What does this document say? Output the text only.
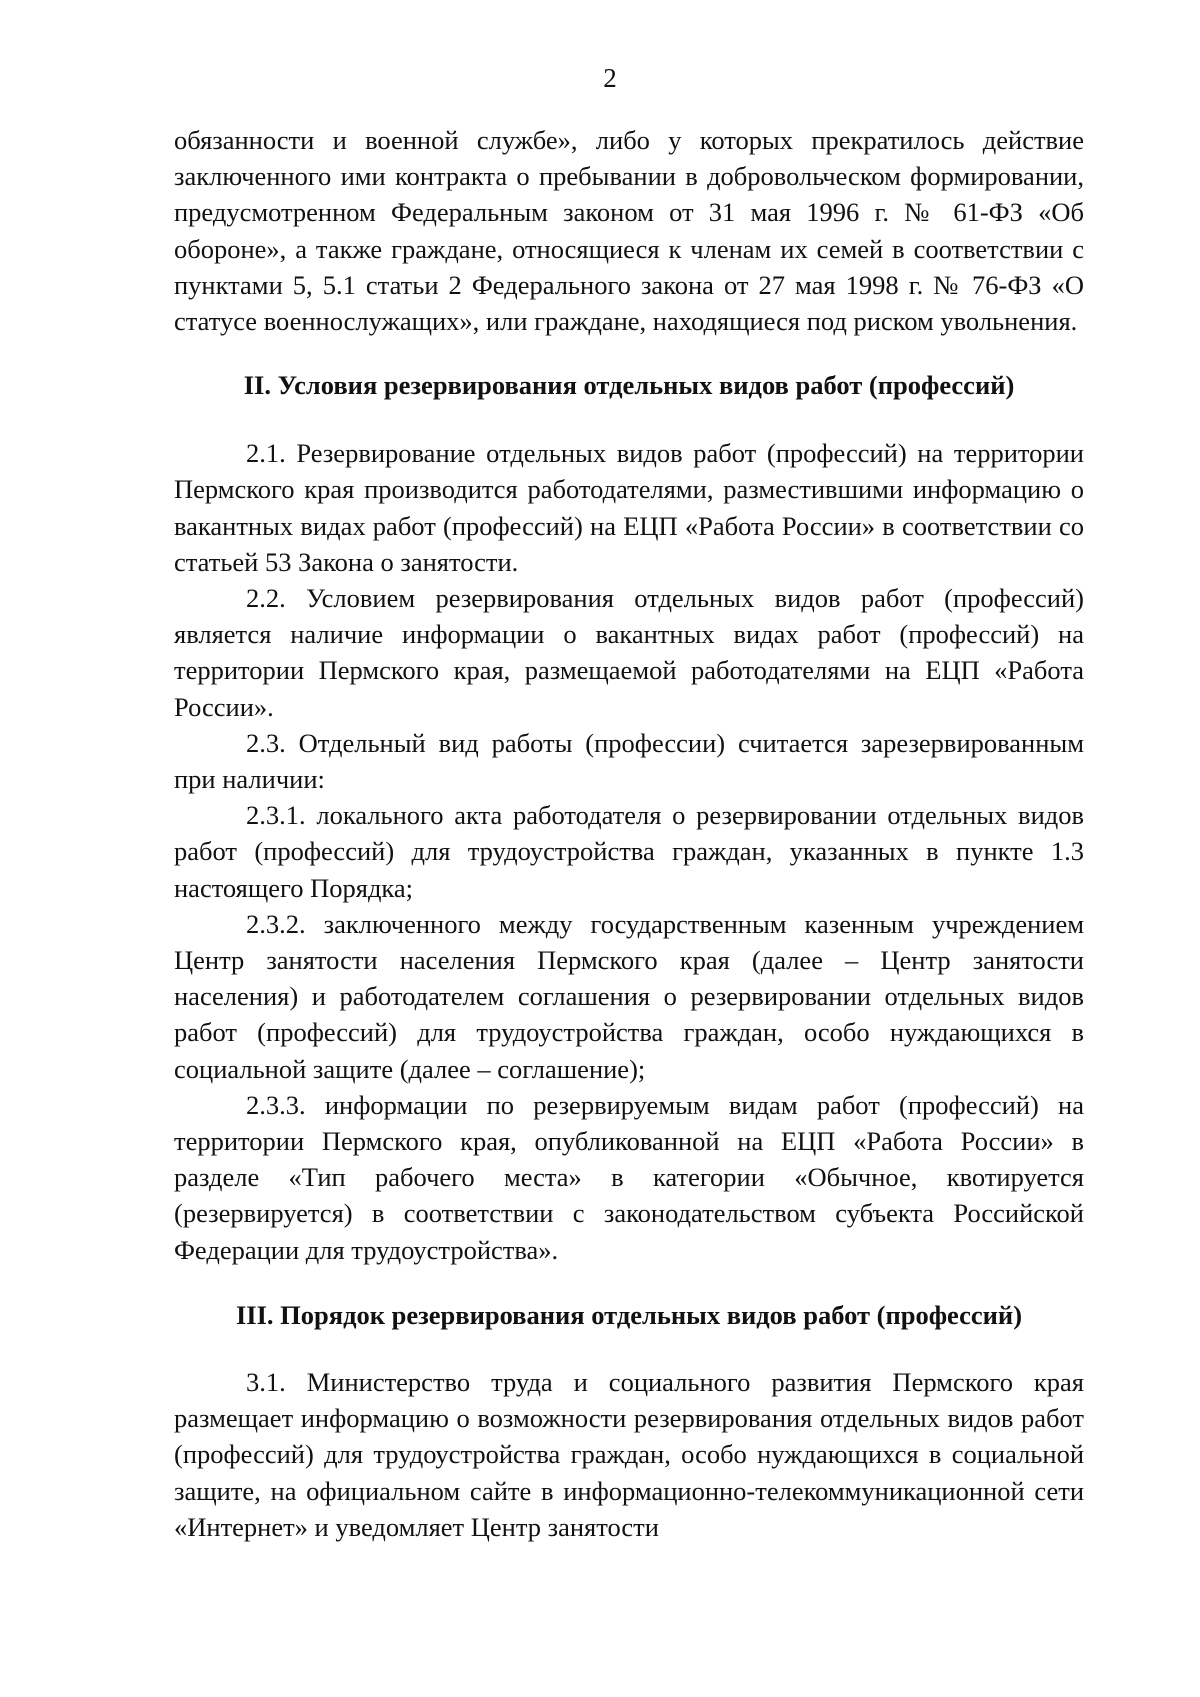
2

обязанности и военной службе», либо у которых прекратилось действие заключенного ими контракта о пребывании в добровольческом формировании, предусмотренном Федеральным законом от 31 мая 1996 г. № 61-ФЗ «Об обороне», а также граждане, относящиеся к членам их семей в соответствии с пунктами 5, 5.1 статьи 2 Федерального закона от 27 мая 1998 г. № 76-ФЗ «О статусе военнослужащих», или граждане, находящиеся под риском увольнения.

II. Условия резервирования отдельных видов работ (профессий)

2.1. Резервирование отдельных видов работ (профессий) на территории Пермского края производится работодателями, разместившими информацию о вакантных видах работ (профессий) на ЕЦП «Работа России» в соответствии со статьей 53 Закона о занятости.

2.2. Условием резервирования отдельных видов работ (профессий) является наличие информации о вакантных видах работ (профессий) на территории Пермского края, размещаемой работодателями на ЕЦП «Работа России».

2.3. Отдельный вид работы (профессии) считается зарезервированным при наличии:

2.3.1. локального акта работодателя о резервировании отдельных видов работ (профессий) для трудоустройства граждан, указанных в пункте 1.3 настоящего Порядка;

2.3.2. заключенного между государственным казенным учреждением Центр занятости населения Пермского края (далее – Центр занятости населения) и работодателем соглашения о резервировании отдельных видов работ (профессий) для трудоустройства граждан, особо нуждающихся в социальной защите (далее – соглашение);

2.3.3. информации по резервируемым видам работ (профессий) на территории Пермского края, опубликованной на ЕЦП «Работа России» в разделе «Тип рабочего места» в категории «Обычное, квотируется (резервируется) в соответствии с законодательством субъекта Российской Федерации для трудоустройства».

III. Порядок резервирования отдельных видов работ (профессий)

3.1. Министерство труда и социального развития Пермского края размещает информацию о возможности резервирования отдельных видов работ (профессий) для трудоустройства граждан, особо нуждающихся в социальной защите, на официальном сайте в информационно-телекоммуникационной сети «Интернет» и уведомляет Центр занятости
